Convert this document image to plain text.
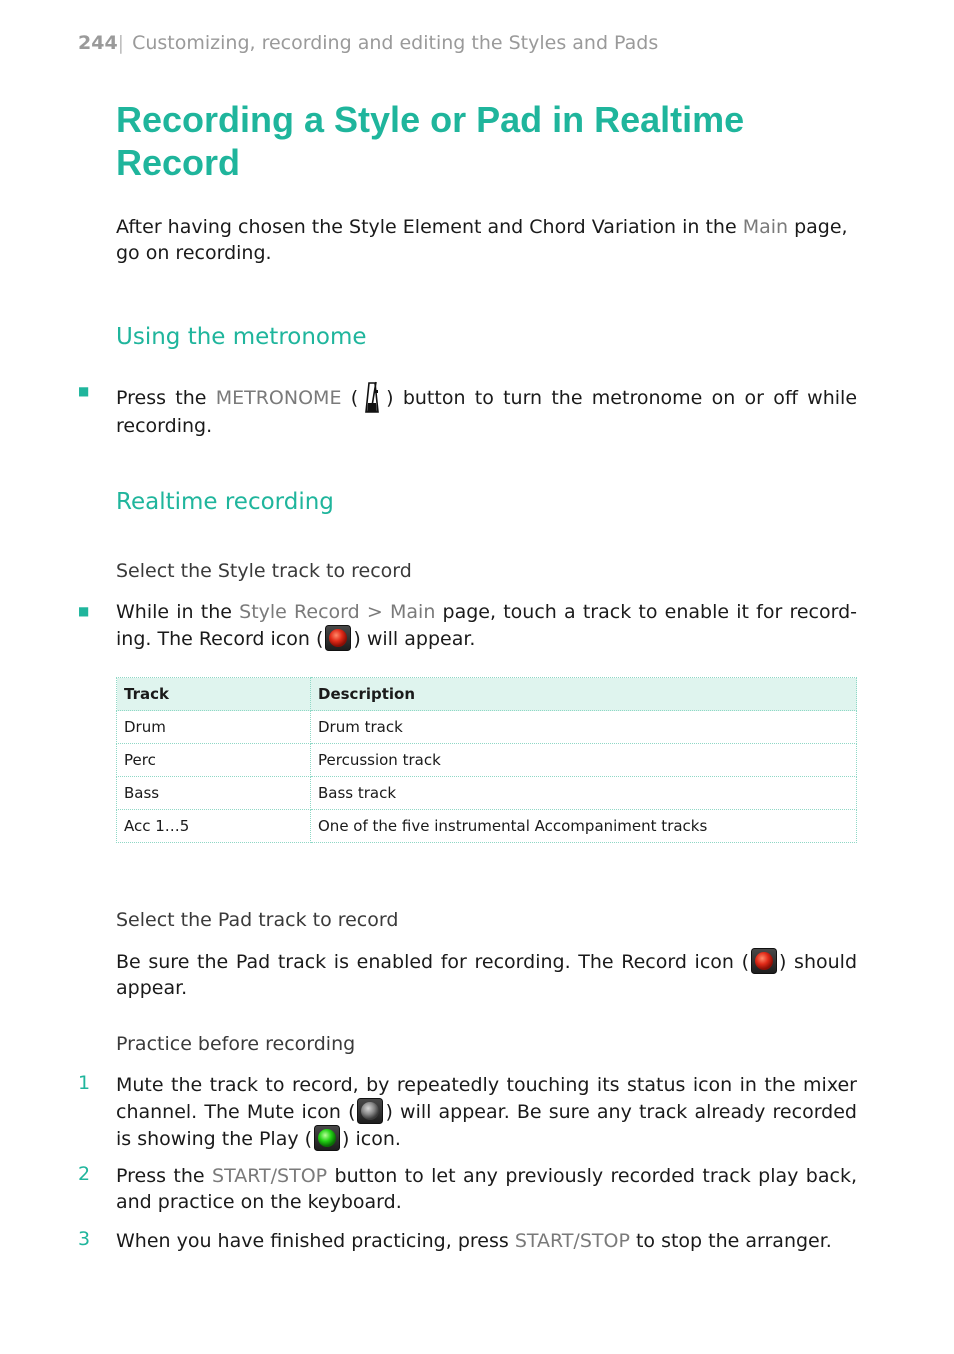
244| Customizing, recording and editing the Styles and Pads
Recording a Style or Pad in Realtime Record
After having chosen the Style Element and Chord Variation in the Main page, go on recording.
Using the metronome
■ Press the METRONOME ( ) button to turn the metronome on or off while recording.
Realtime recording
Select the Style track to record
■ While in the Style Record > Main page, touch a track to enable it for record-ing. The Record icon ( ) will appear.
Track	Description
Drum	Drum track
Perc	Percussion track
Bass	Bass track
Acc 1…5	One of the five instrumental Accompaniment tracks
Select the Pad track to record
Be sure the Pad track is enabled for recording. The Record icon ( ) should appear.
Practice before recording
1 Mute the track to record, by repeatedly touching its status icon in the mixer channel. The Mute icon ( ) will appear. Be sure any track already recorded is showing the Play ( ) icon.
2 Press the START/STOP button to let any previously recorded track play back, and practice on the keyboard.
3 When you have finished practicing, press START/STOP to stop the arranger.
